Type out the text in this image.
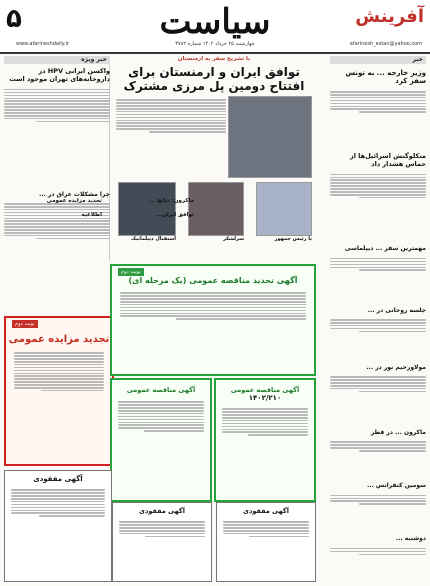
آفرینش
سیاست
۵
چهارشنبه ۲۵ خرداد ۱۴۰۲ شماره ۳۷۸۲
www.afarineshdaily.ir	afarinesh_estan@yahoo.com
خبر
وزیر خارجه ... به تونس سفر کرد
متکلوگنش اسرائیل‌ها از حماس هشدار داد
مهمترین سفر ... دیپلماسی
جلسه روحانی در ...
مولاورحیم نور در ...
ماکرون ... در قطر
سومین کنفرانس ...
دوشنبه ...
با تشریح سفر به ارمنستان
توافق ایران و ارمنستان برای افتتاح دومین پل مرزی مشترک
با رئیس جمهور
سرلشکر
استقبال دیپلماتیک
خبر ویژه
واکسن ایرانی HPV در داروخانه‌های تهران موجود است
چرا مشکلات عراق در ...
نوبت دوم
تجدید مزایده عمومی
نوبت دوم
آگهی تحدید مناقصه عمومی (یک مرحله ای)
آگهی مناقصه عمومی
۱۴۰۲/۲۱۰
آگهی مناقصه عمومی
آگهی مفقودی
آگهی مفقودی
آگهی مفقودی
تحدید مزایده عمومی
اطلاعیه
ماکرون: نتایج ...
توافق ایران...
